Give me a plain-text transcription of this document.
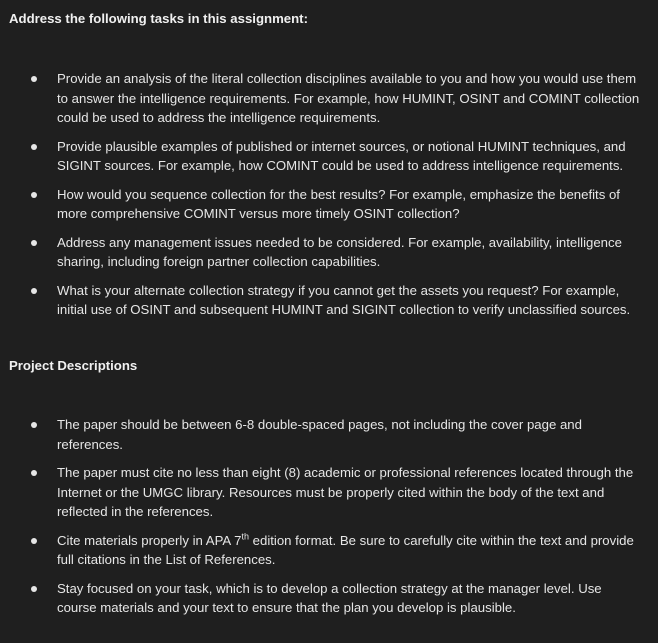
Address the following tasks in this assignment:
Provide an analysis of the literal collection disciplines available to you and how you would use them to answer the intelligence requirements. For example, how HUMINT, OSINT and COMINT collection could be used to address the intelligence requirements.
Provide plausible examples of published or internet sources, or notional HUMINT techniques, and SIGINT sources. For example, how COMINT could be used to address intelligence requirements.
How would you sequence collection for the best results? For example, emphasize the benefits of more comprehensive COMINT versus more timely OSINT collection?
Address any management issues needed to be considered. For example, availability, intelligence sharing, including foreign partner collection capabilities.
What is your alternate collection strategy if you cannot get the assets you request? For example, initial use of OSINT and subsequent HUMINT and SIGINT collection to verify unclassified sources.
Project Descriptions
The paper should be between 6-8 double-spaced pages, not including the cover page and references.
The paper must cite no less than eight (8) academic or professional references located through the Internet or the UMGC library. Resources must be properly cited within the body of the text and reflected in the references.
Cite materials properly in APA 7th edition format. Be sure to carefully cite within the text and provide full citations in the List of References.
Stay focused on your task, which is to develop a collection strategy at the manager level. Use course materials and your text to ensure that the plan you develop is plausible.
